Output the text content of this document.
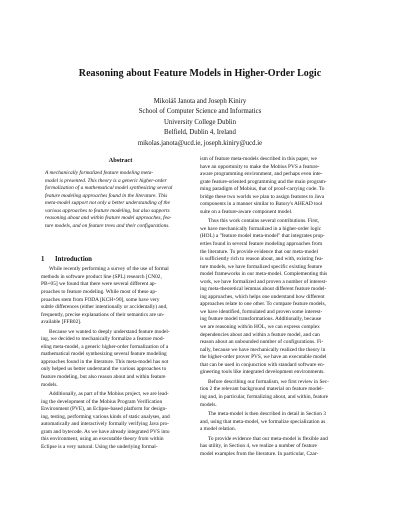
Reasoning about Feature Models in Higher-Order Logic
Mikoláš Janota and Joseph Kiniry
School of Computer Science and Informatics
University College Dublin
Belfield, Dublin 4, Ireland
mikolas.janota@ucd.ie, joseph.kiniry@ucd.ie
Abstract
A mechanically formalized feature modeling meta-
model is presented. This theory is a generic higher-order
formalization of a mathematical model synthesizing several
feature modeling approaches found in the literature. This
meta-model support not only a better understanding of the
various approaches to feature modeling, but also supports
reasoning about and within feature model approaches, fea-
ture models, and on feature trees and their configurations.
1 Introduction
While recently performing a survey of the use of formal
methods in software product line (SPL) research [CN02,
PB+05] we found that there were several different ap-
proaches to feature modeling. While most of these ap-
proaches stem from FODA [KCH+90], some have very
subtle differences (either intentionally or accidentally) and,
frequently, precise explanations of their semantics are un-
available [FFB02].
Because we wanted to deeply understand feature model-
ing, we decided to mechanically formalize a feature mod-
eling meta-model, a generic higher-order formalization of a
mathematical model synthesizing several feature modeling
approaches found in the literature. This meta-model has not
only helped us better understand the various approaches to
feature modeling, but also reason about and within feature
models.
Additionally, as part of the Mobius project, we are lead-
ing the development of the Mobius Program Verification
Environment (PVE), an Eclipse-based platform for design-
ing, testing, performing various kinds of static analyses, and
automatically and interactively formally verifying Java pro-
gram and bytecode. As we have already integrated PVS into
this environment, using an executable theory from within
Eclipse is a very natural. Using the underlying formal-
ism of feature meta-models described in this paper, we
have an opportunity to make the Mobius PVS a feature-
aware programming environment, and perhaps even inte-
grate feature-oriented programming and the main program-
ming paradigm of Mobius, that of proof-carrying code. To
bridge these two worlds we plan to assign features to Java
components in a manner similar to Batory's AHEAD tool
suite on a feature-aware component model.
Thus this work contains several contributions. First,
we have mechanically formalized in a higher-order logic
(HOL) a "feature model meta-model" that integrates prop-
erties found in several feature modeling approaches from
the literature. To provide evidence that our meta-model
is sufficiently rich to reason about, and with, existing fea-
ture models, we have formalized specific existing feature
model frameworks in our meta-model. Complementing this
work, we have formalized and proven a number of interest-
ing meta-theoretical lemmas about different feature model-
ing approaches, which helps one understand how different
approaches relate to one other. To compare feature models,
we have identified, formulated and proven some interest-
ing feature model transformations. Additionally, because
we are reasoning with/in HOL, we can express complex
dependencies about and within a feature model, and can
reason about an unbounded number of configurations. Fi-
nally, because we have mechanically realized the theory in
the higher-order prover PVS, we have an executable model
that can be used in conjunction with standard software en-
gineering tools like integrated development environments.
Before describing our formalism, we first review in Sec-
tion 2 the relevant background material on feature model-
ing and, in particular, formalizing about, and within, feature
models.
The meta-model is then described in detail in Section 3
and, using that meta-model, we formalize specialization as
a model relation.
To provide evidence that our meta-model is flexible and
has utility, in Section 4, we realize a number of feature
model examples from the literature. In particular, Czar-
